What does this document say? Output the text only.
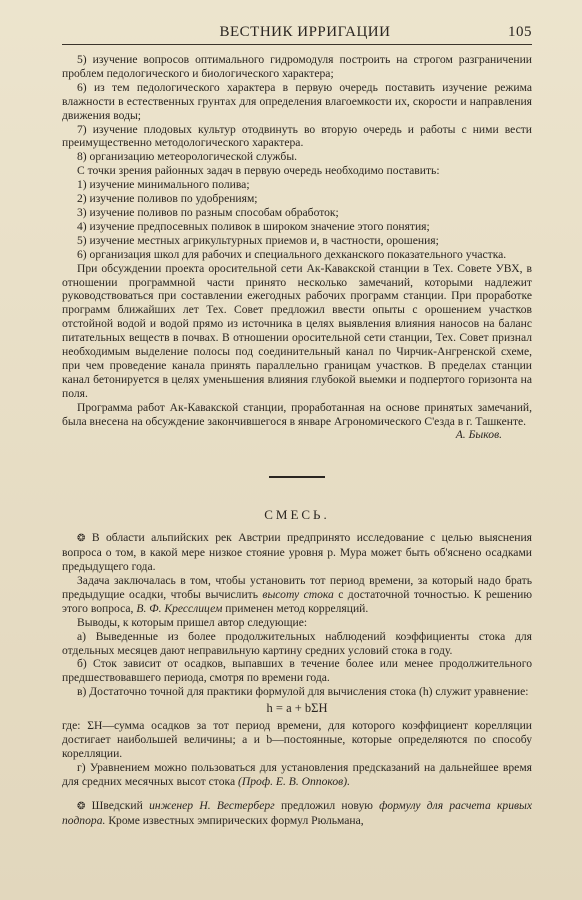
ВЕСТНИК ИРРИГАЦИИ	105

5) изучение вопросов оптимального гидромодуля построить на строгом разграничении проблем педологического и биологического характера;

6) из тем педологического характера в первую очередь поставить изучение режима влажности в естественных грунтах для определения влагоемкости их, скорости и направления движения воды;

7) изучение плодовых культур отодвинуть во вторую очередь и работы с ними вести преимущественно методологического характера.

8) организацию метеорологической службы.

С точки зрения районных задач в первую очередь необходимо поставить:

1) изучение минимального полива;

2) изучение поливов по удобрениям;

3) изучение поливов по разным способам обработок;

4) изучение предпосевных поливок в широком значение этого понятия;

5) изучение местных агрикультурных приемов и, в частности, орошения;

6) организация школ для рабочих и специального дехканского показательного участка.

При обсуждении проекта оросительной сети Ак-Кавакской станции в Тех. Совете УВХ, в отношении программной части принято несколько замечаний, которыми надлежит руководствоваться при составлении ежегодных рабочих программ станции. При проработке программ ближайших лет Тех. Совет предложил ввести опыты с орошением участков отстойной водой и водой прямо из источника в целях выявления влияния наносов на баланс питательных веществ в почвах. В отношении оросительной сети станции, Тех. Совет признал необходимым выделение полосы под соединительный канал по Чирчик-Ангренской схеме, при чем проведение канала принять параллельно границам участков. В пределах станции канал бетонируется в целях уменьшения влияния глубокой выемки и подпертого горизонта на поля.

Программа работ Ак-Кавакской станции, проработанная на основе принятых замечаний, была внесена на обсуждение закончившегося в январе Агрономического С'езда в г. Ташкенте.

А. Быков.

СМЕСЬ.

❂ В области альпийских рек Австрии предпринято исследование с целью выяснения вопроса о том, в какой мере низкое стояние уровня р. Мура может быть об'яснено осадками предыдущего года.

Задача заключалась в том, чтобы установить тот период времени, за который надо брать предыдущие осадки, чтобы вычислить высоту стока с достаточной точностью. К решению этого вопроса, В. Ф. Кресслицем применен метод корреляций.

Выводы, к которым пришел автор следующие:

а) Выведенные из более продолжительных наблюдений коэффициенты стока для отдельных месяцев дают неправильную картину средних условий стока в году.

б) Сток зависит от осадков, выпавших в течение более или менее продолжительного предшествовавшего периода, смотря по времени года.

в) Достаточно точной для практики формулой для вычисления стока (h) служит уравнение:

h = a + bΣH

где: ΣH—сумма осадков за тот период времени, для которого коэффициент корелляции достигает наибольшей величины; a и b—постоянные, которые определяются по способу корелляции.

г) Уравнением можно пользоваться для установления предсказаний на дальнейшее время для средних месячных высот стока (Проф. Е. В. Оппоков).

❂ Шведский инженер Н. Вестерберг предложил новую формулу для расчета кривых подпора. Кроме известных эмпирических формул Рюльмана,
